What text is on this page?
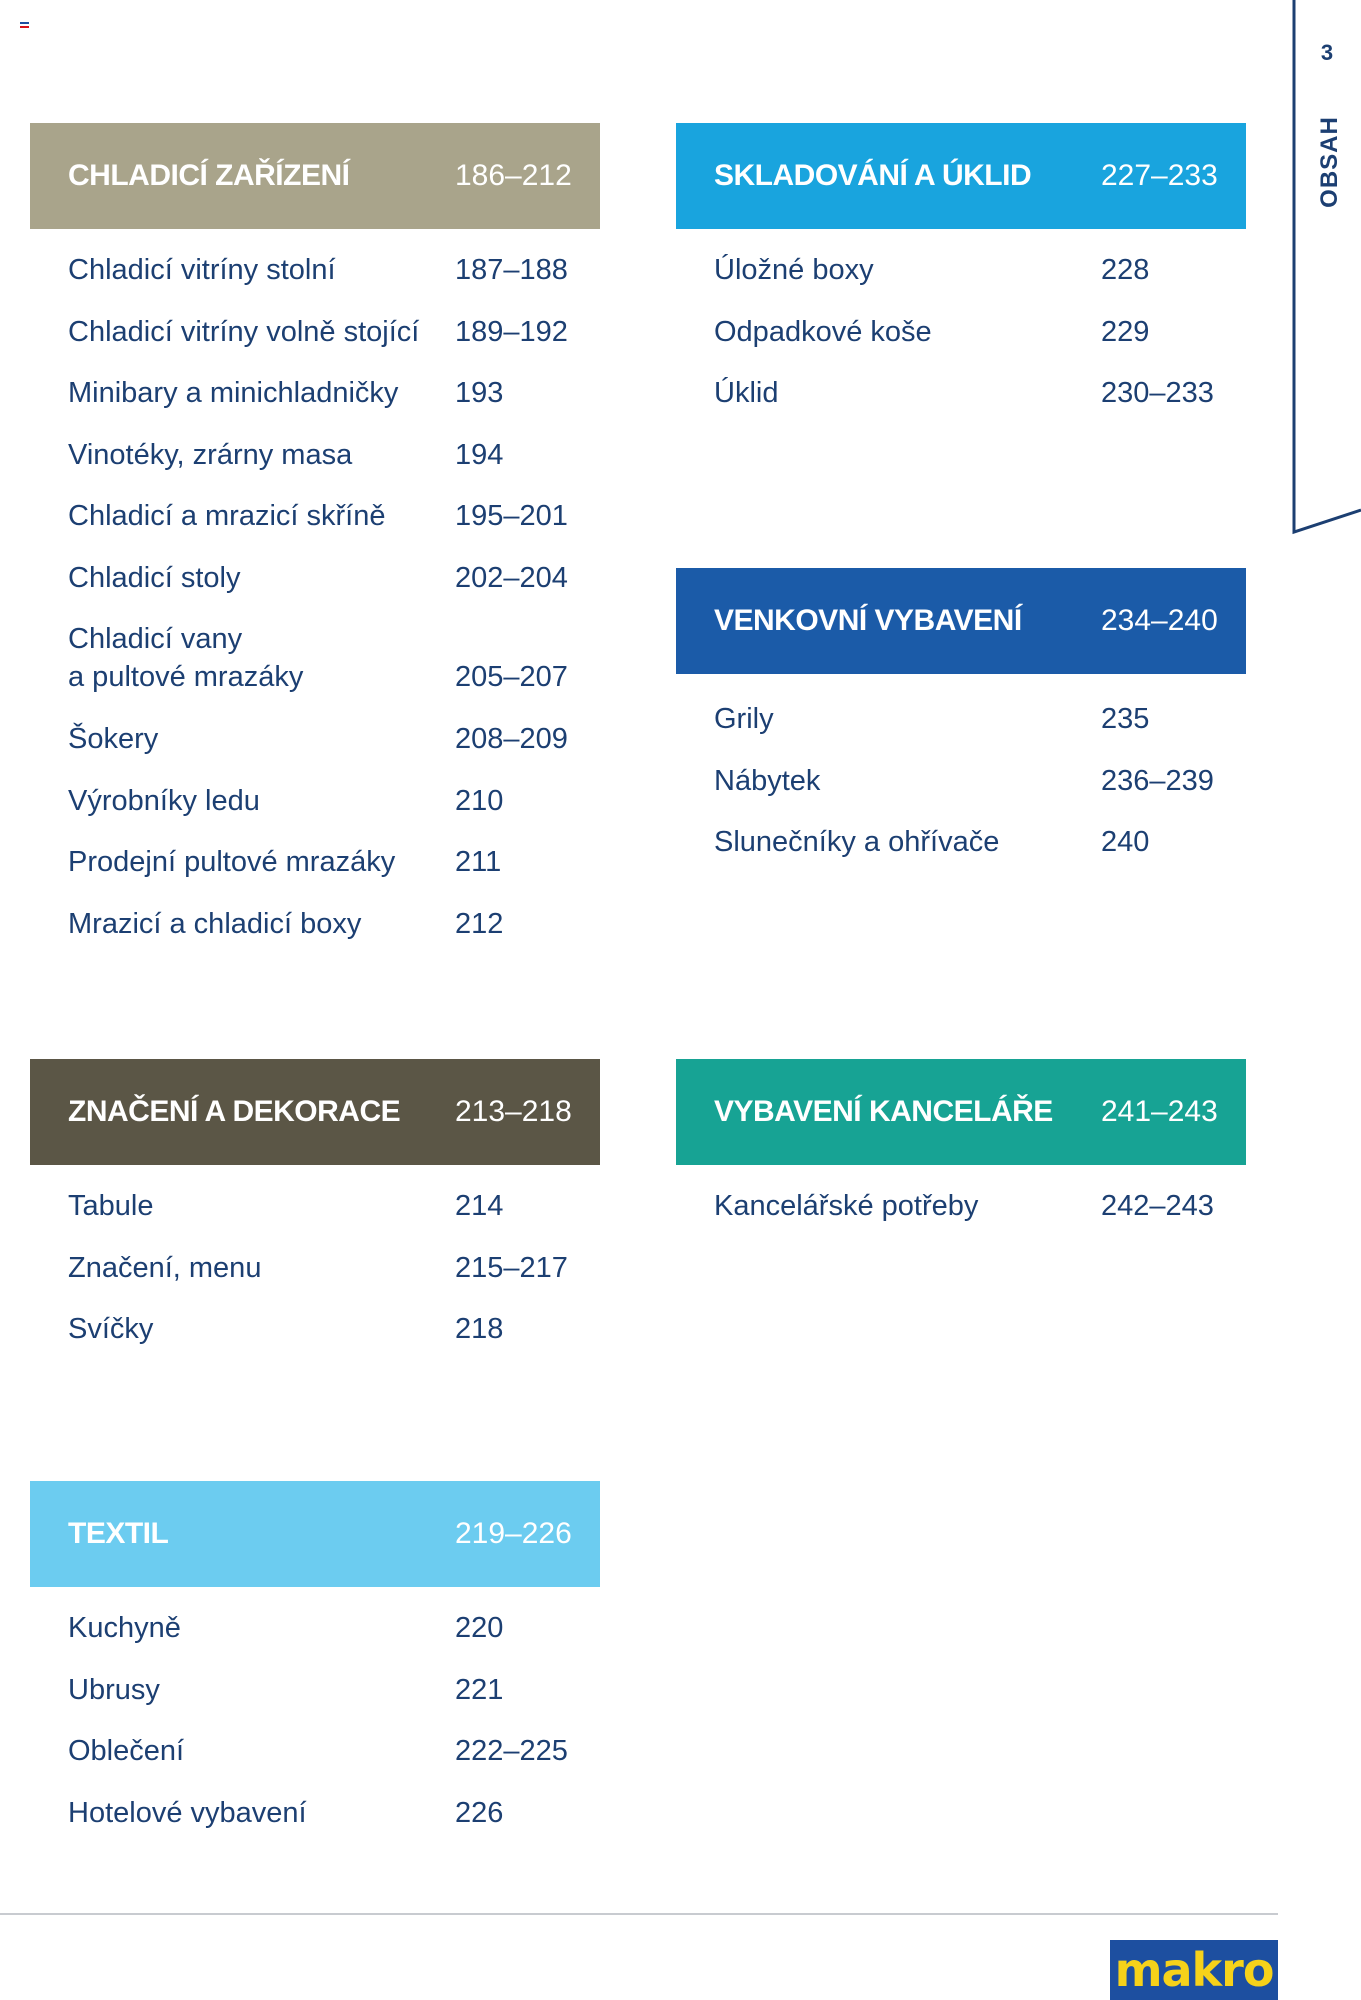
3
OBSAH
CHLADICÍ ZAŘÍZENÍ	186–212
Chladicí vitríny stolní	187–188
Chladicí vitríny volně stojící 189–192
Minibary a minichladničky 193
Vinotéky, zrárny masa	194
Chladicí a mrazicí skříně 195–201
Chladicí stoly	202–204
Chladicí vany
a pultové mrazáky	205–207
Šokery	208–209
Výrobníky ledu	210
Prodejní pultové mrazáky 211
Mrazicí a chladicí boxy	212
SKLADOVÁNÍ A ÚKLID 227–233
Úložné boxy	228
Odpadkové koše	229
Úklid	230–233
VENKOVNÍ VYBAVENÍ	234–240
Grily	235
Nábytek	236–239
Slunečníky a ohřívače	240
ZNAČENÍ A DEKORACE 213–218
Tabule	214
Značení, menu	215–217
Svíčky	218
VYBAVENÍ KANCELÁŘE 241–243
Kancelářské potřeby	242–243
TEXTIL	219–226
Kuchyně	220
Ubrusy	221
Oblečení	222–225
Hotelové vybavení	226
makro
